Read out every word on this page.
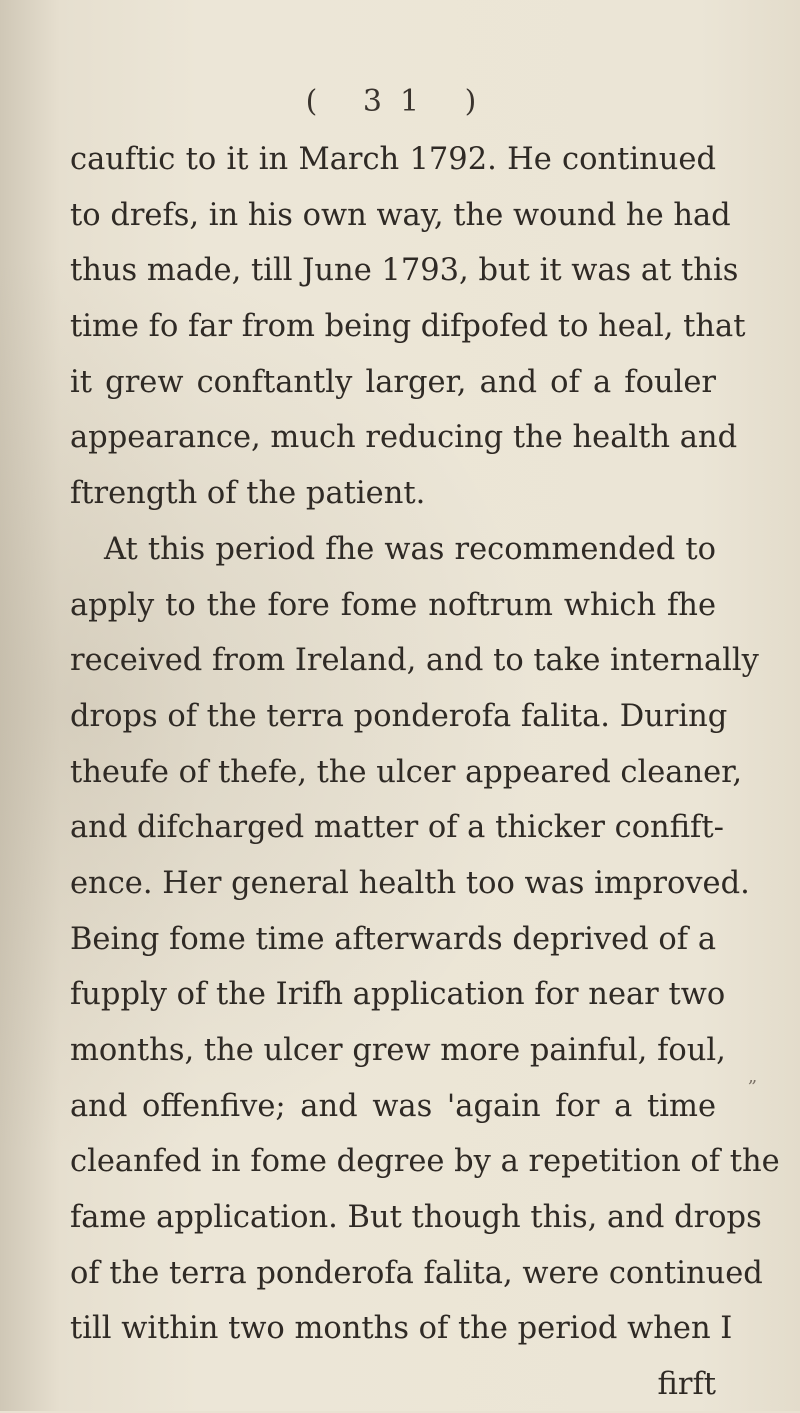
( 31 )
cauftic to it in March 1792. He continued
to drefs, in his own way, the wound he had
thus made, till June 1793, but it was at this
time fo far from being difpofed to heal, that
it grew conftantly larger, and of a fouler
appearance, much reducing the health and
ftrength of the patient.
At this period fhe was recommended to
apply to the fore fome noftrum which fhe
received from Ireland, and to take internally
drops of the terra ponderofa falita. During
theufe of thefe, the ulcer appeared cleaner,
and difcharged matter of a thicker confift-
ence. Her general health too was improved.
Being fome time afterwards deprived of a
fupply of the Irifh application for near two
months, the ulcer grew more painful, foul,
and offenfive; and was 'again for a time
cleanfed in fome degree by a repetition of the
fame application. But though this, and drops
of the terra ponderofa falita, were continued
till within two months of the period when I
firft
„
